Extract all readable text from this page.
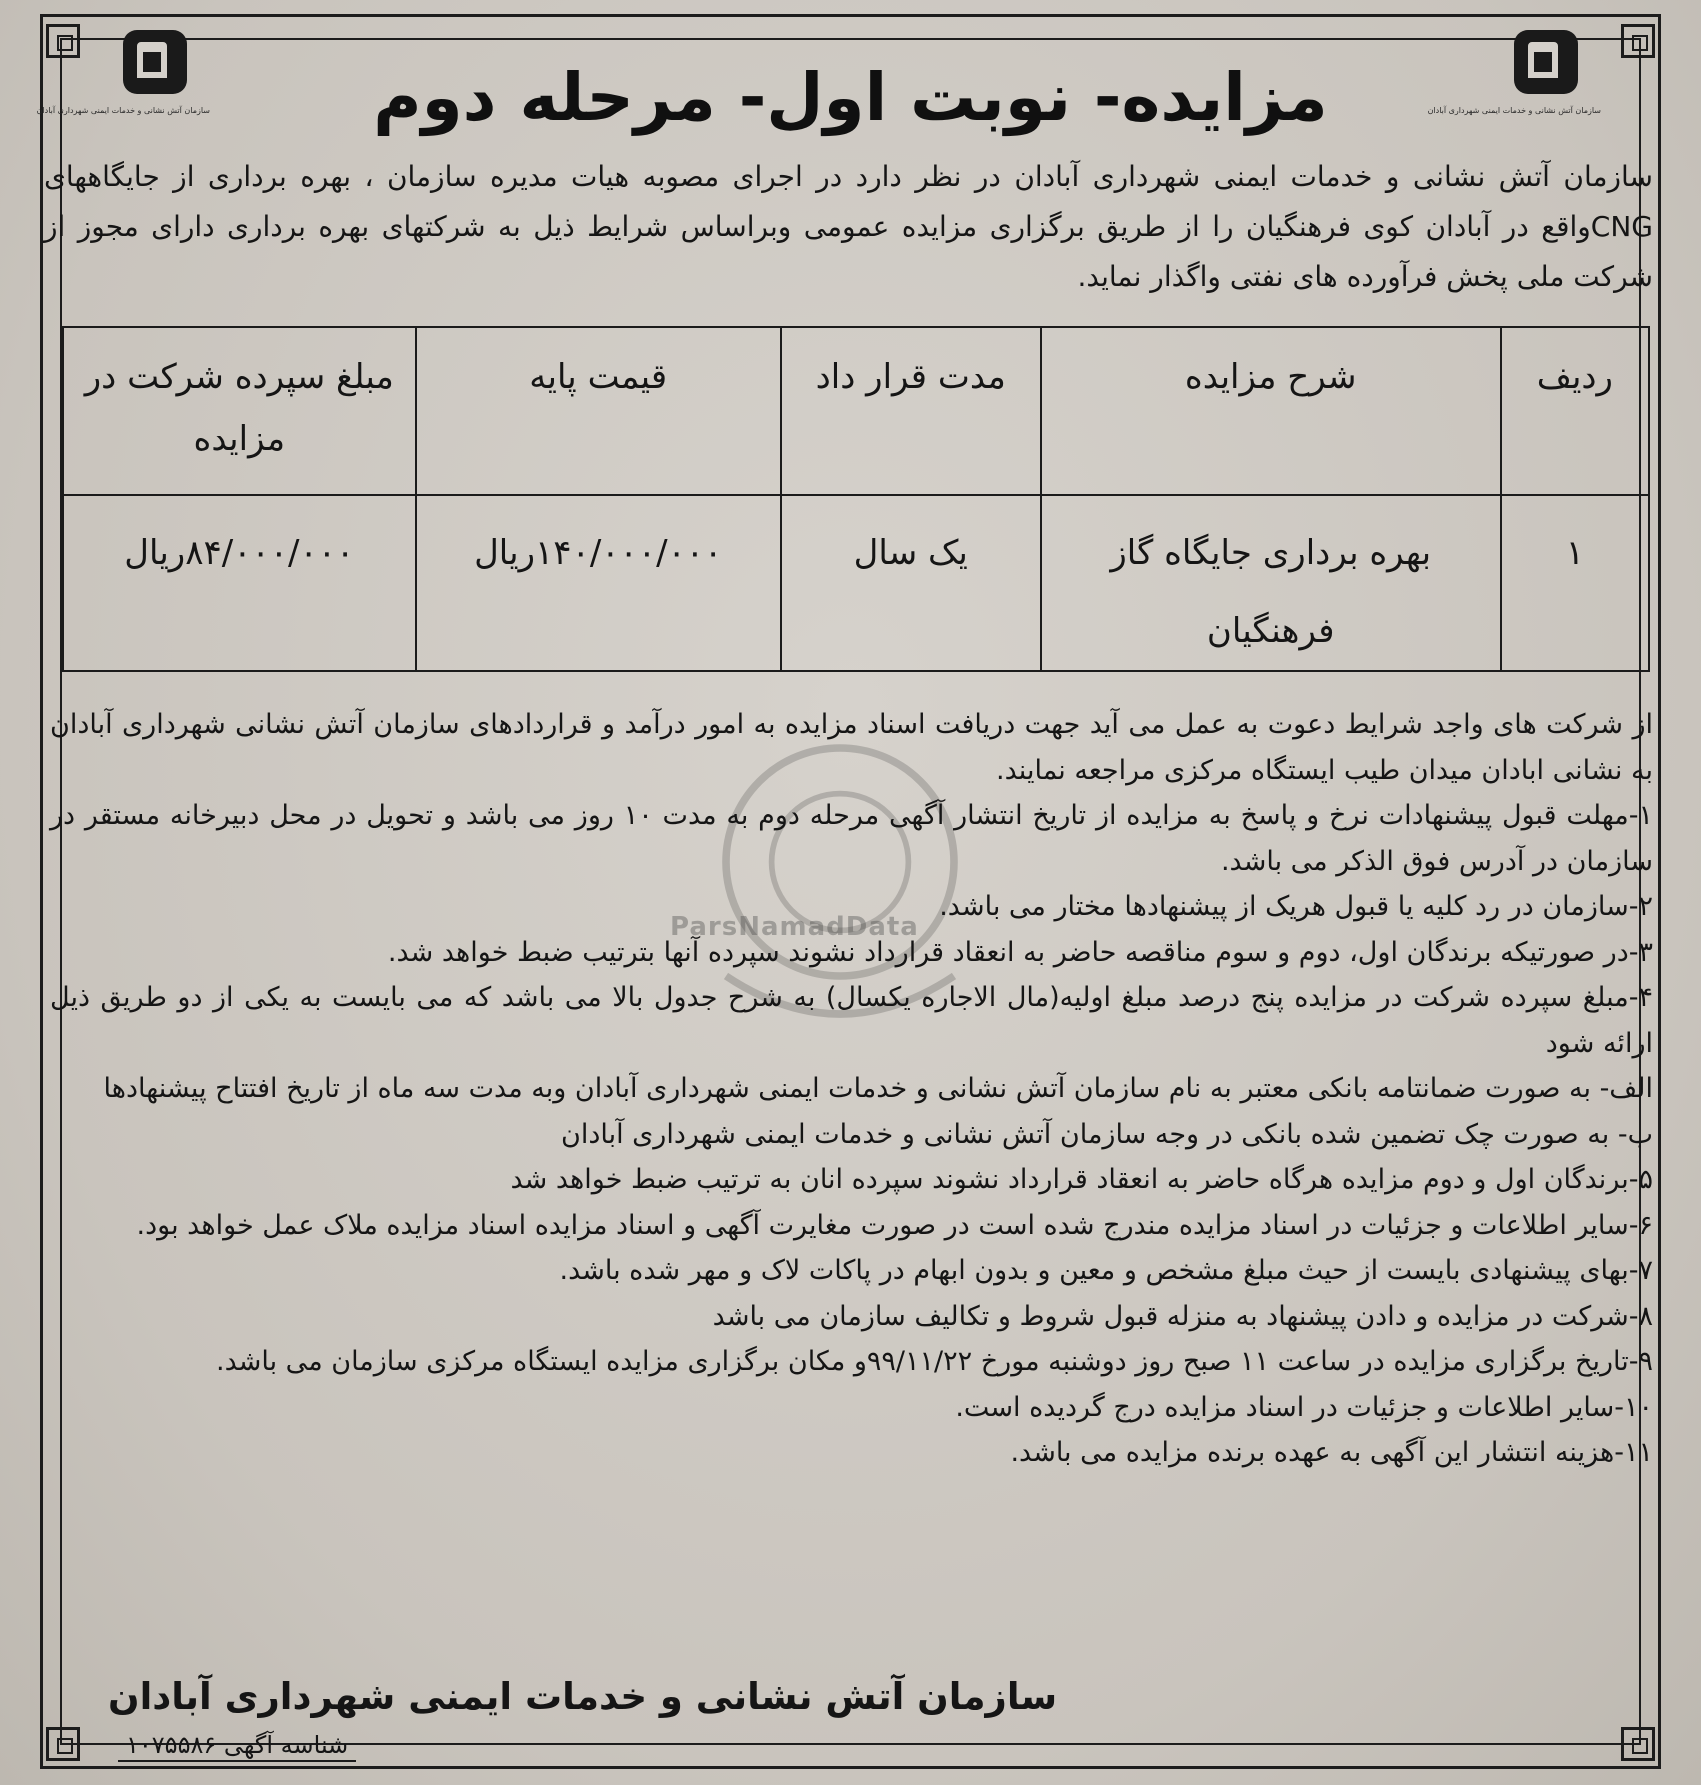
سازمان آتش نشانی و خدمات ایمنی شهرداری آبادان
سازمان آتش نشانی و خدمات ایمنی شهرداری آبادان	مزایده- نوبت اول- مرحله دوم

سازمان آتش نشانی و خدمات ایمنی شهرداری آبادان در نظر دارد در اجرای مصوبه هیات مدیره سازمان ، بهره برداری از جایگاههای CNGواقع در آبادان کوی فرهنگیان را از طریق برگزاری مزایده عمومی وبراساس شرایط ذیل به شرکتهای بهره برداری دارای مجوز از شرکت ملی پخش فرآورده های نفتی واگذار نماید.

ردیف	شرح مزایده	مدت قرار داد	قیمت پایه	مبلغ سپرده شرکت در مزایده
۱	بهره برداری جایگاه گاز فرهنگیان	یک سال	۱۴۰/۰۰۰/۰۰۰ریال	۸۴/۰۰۰/۰۰۰ریال
ParsNamadData

از شرکت های واجد شرایط دعوت به عمل می آید جهت دریافت اسناد مزایده به امور درآمد و قراردادهای سازمان آتش نشانی شهرداری آبادان به نشانی ابادان میدان طیب ایستگاه مرکزی مراجعه نمایند.

۱-مهلت قبول پیشنهادات نرخ و پاسخ به مزایده از تاریخ انتشار آگهی مرحله دوم به مدت ۱۰ روز می باشد و تحویل در محل دبیرخانه مستقر در سازمان در آدرس فوق الذکر می باشد.

۲-سازمان در رد کلیه یا قبول هریک از پیشنهادها مختار می باشد.

۳-در صورتیکه برندگان اول، دوم و سوم مناقصه حاضر به انعقاد قرارداد نشوند سپرده آنها بترتیب ضبط خواهد شد.

۴-مبلغ سپرده شرکت در مزایده پنج درصد مبلغ اولیه(مال الاجاره یکسال) به شرح جدول بالا می باشد که می بایست به یکی از دو طریق ذیل ارائه شود

الف- به صورت ضمانتامه بانکی معتبر به نام سازمان آتش نشانی و خدمات ایمنی شهرداری آبادان وبه مدت سه ماه از تاریخ افتتاح پیشنهادها

ب- به صورت چک تضمین شده بانکی در وجه سازمان آتش نشانی و خدمات ایمنی شهرداری آبادان

۵-برندگان اول و دوم مزایده هرگاه حاضر به انعقاد قرارداد نشوند سپرده انان به ترتیب ضبط خواهد شد

۶-سایر اطلاعات و جزئیات در اسناد مزایده مندرج شده است در صورت مغایرت آگهی و اسناد مزایده اسناد مزایده ملاک عمل خواهد بود.

۷-بهای پیشنهادی بایست از حیث مبلغ مشخص و معین و بدون ابهام در پاکات لاک و مهر شده باشد.

۸-شرکت در مزایده و دادن پیشنهاد به منزله قبول شروط و تکالیف سازمان می باشد

۹-تاریخ برگزاری مزایده در ساعت ۱۱ صبح روز دوشنبه مورخ ۹۹/۱۱/۲۲و مکان برگزاری مزایده ایستگاه مرکزی سازمان می باشد.

۱۰-سایر اطلاعات و جزئیات در اسناد مزایده درج گردیده است.

۱۱-هزینه انتشار این آگهی به عهده برنده مزایده می باشد.

سازمان آتش نشانی و خدمات ایمنی شهرداری آبادان
شناسه آگهی ۱۰۷۵۵۸۶
